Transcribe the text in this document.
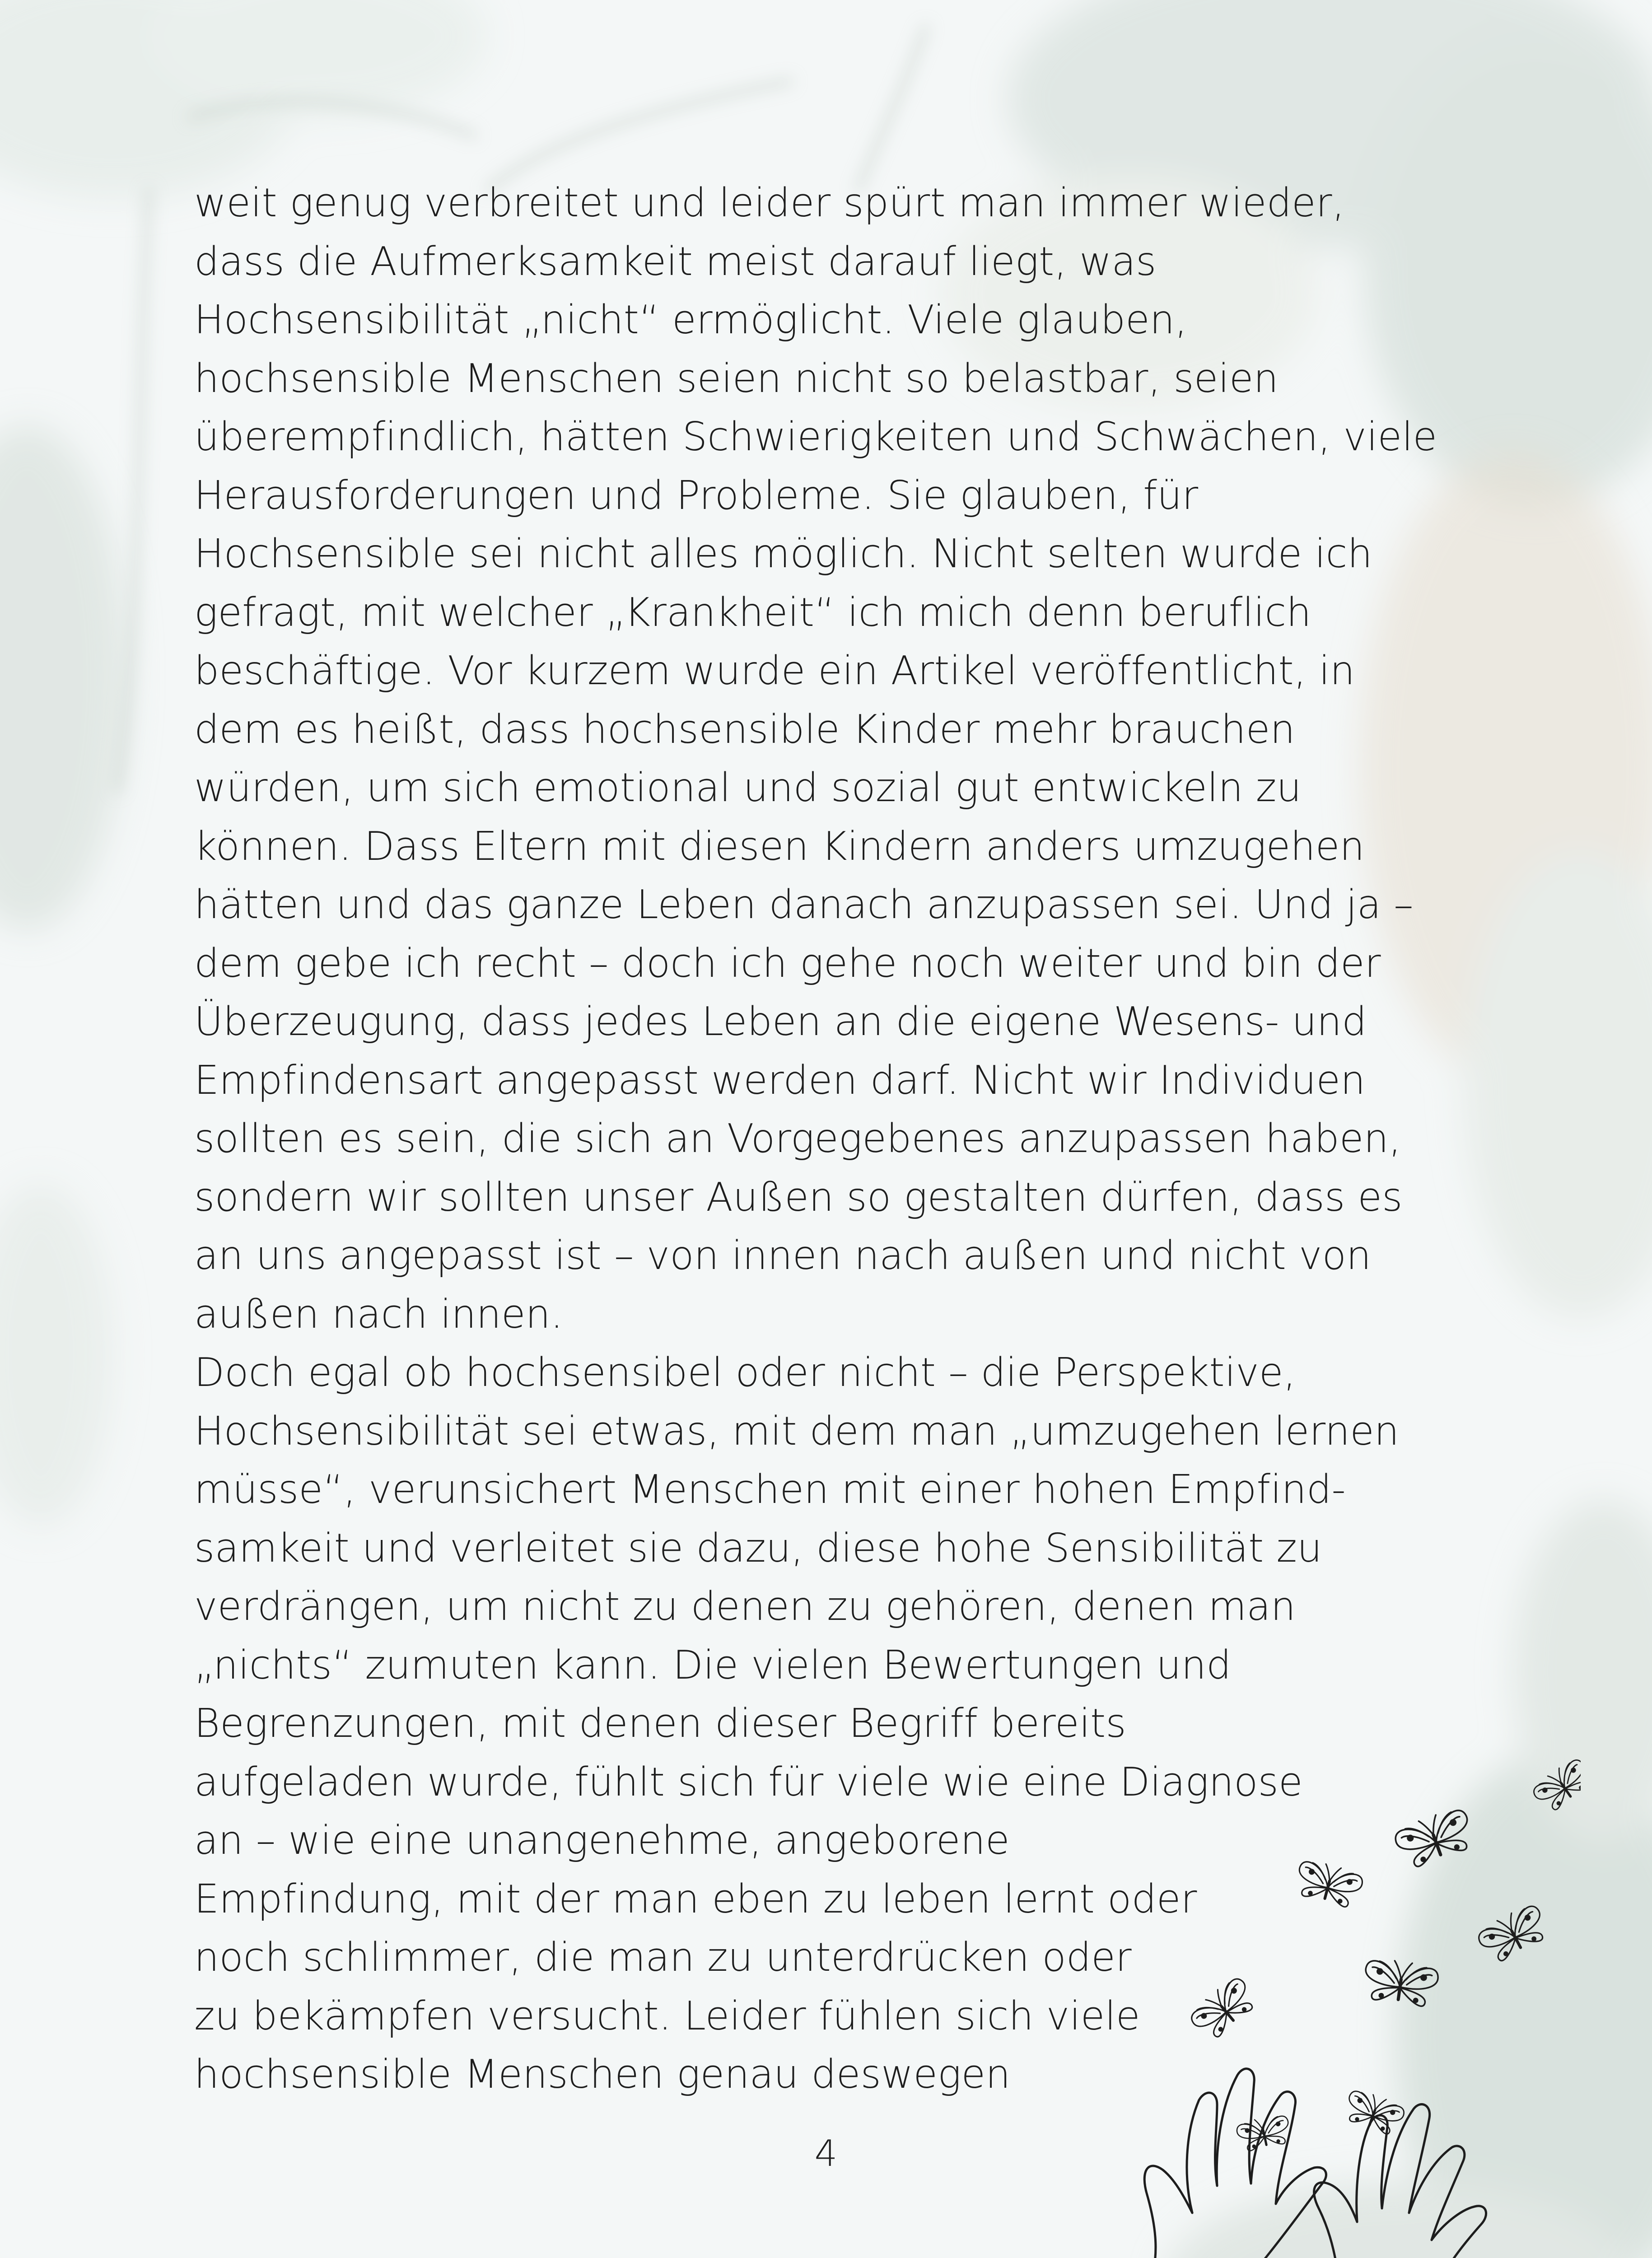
weit genug verbreitet und leider spürt man immer wieder,
dass die Aufmerksamkeit meist darauf liegt, was
Hochsensibilität „nicht“ ermöglicht. Viele glauben,
hochsensible Menschen seien nicht so belastbar, seien
überempfindlich, hätten Schwierigkeiten und Schwächen, viele
Herausforderungen und Probleme. Sie glauben, für
Hochsensible sei nicht alles möglich. Nicht selten wurde ich
gefragt, mit welcher „Krankheit“ ich mich denn beruflich
beschäftige. Vor kurzem wurde ein Artikel veröffentlicht, in
dem es heißt, dass hochsensible Kinder mehr brauchen
würden, um sich emotional und sozial gut entwickeln zu
können. Dass Eltern mit diesen Kindern anders umzugehen
hätten und das ganze Leben danach anzupassen sei. Und ja –
dem gebe ich recht – doch ich gehe noch weiter und bin der
Überzeugung, dass jedes Leben an die eigene Wesens- und
Empfindensart angepasst werden darf. Nicht wir Individuen
sollten es sein, die sich an Vorgegebenes anzupassen haben,
sondern wir sollten unser Außen so gestalten dürfen, dass es
an uns angepasst ist – von innen nach außen und nicht von
außen nach innen.
Doch egal ob hochsensibel oder nicht – die Perspektive,
Hochsensibilität sei etwas, mit dem man „umzugehen lernen
müsse“, verunsichert Menschen mit einer hohen Empfind-
samkeit und verleitet sie dazu, diese hohe Sensibilität zu
verdrängen, um nicht zu denen zu gehören, denen man
„nichts“ zumuten kann. Die vielen Bewertungen und
Begrenzungen, mit denen dieser Begriff bereits
aufgeladen wurde, fühlt sich für viele wie eine Diagnose
an – wie eine unangenehme, angeborene
Empfindung, mit der man eben zu leben lernt oder
noch schlimmer, die man zu unterdrücken oder
zu bekämpfen versucht. Leider fühlen sich viele
hochsensible Menschen genau deswegen
4
